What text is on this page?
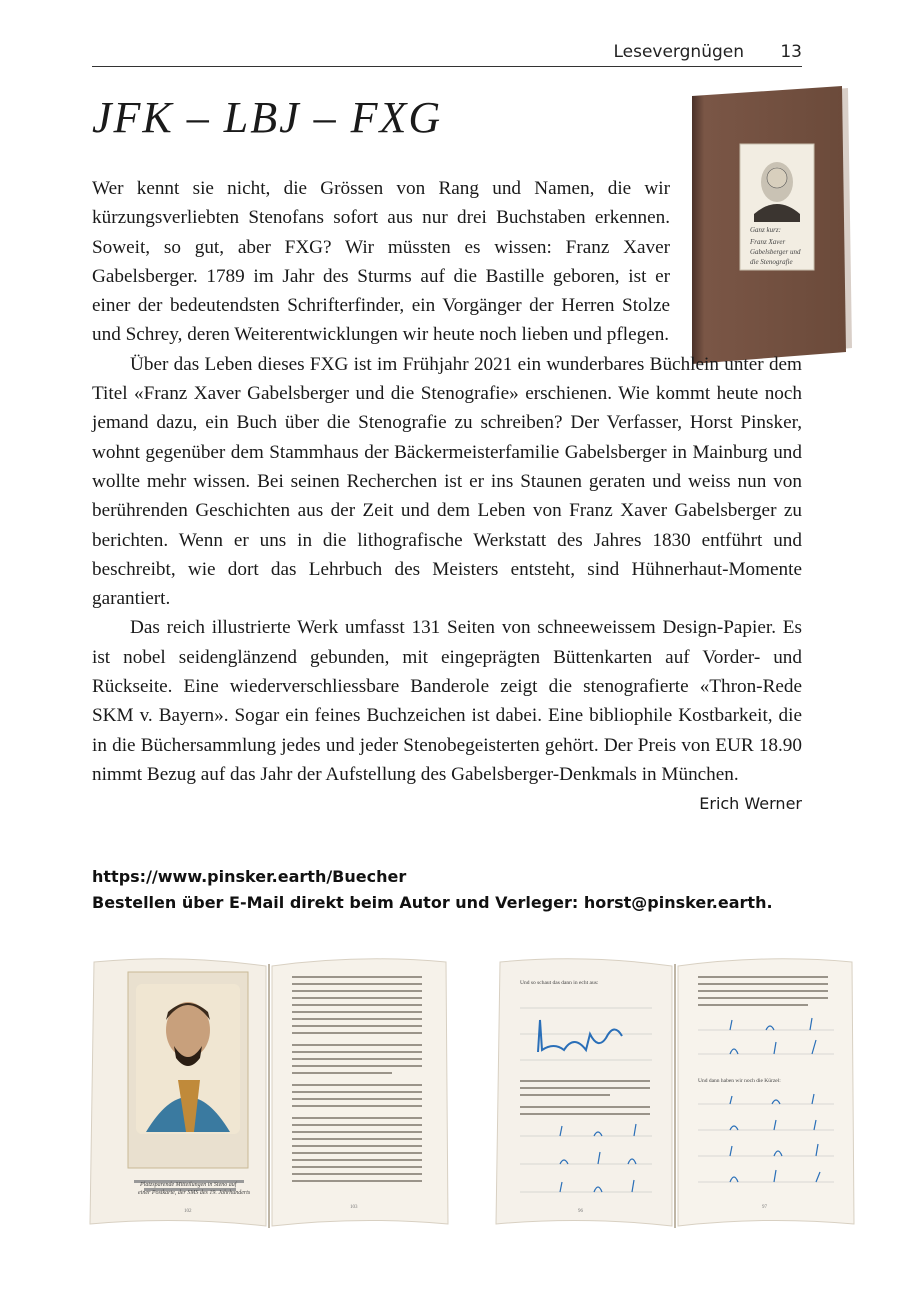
Lesevergnügen 13
JFK – LBJ – FXG
Ganz kurz:
Franz Xaver
Gabelsberger und
die Stenografie

Wer kennt sie nicht, die Grössen von Rang und Namen, die wir kürzungsverliebten Stenofans sofort aus nur drei Buchstaben erkennen. Soweit, so gut, aber FXG? Wir müssten es wissen: Franz Xaver Gabelsberger. 1789 im Jahr des Sturms auf die Bastille geboren, ist er einer der bedeutendsten Schrifterfinder, ein Vorgänger der Herren Stolze und Schrey, deren Weiterentwicklungen wir heute noch lieben und pflegen.

Über das Leben dieses FXG ist im Frühjahr 2021 ein wunderbares Büchlein unter dem Titel «Franz Xaver Gabelsberger und die Stenografie» erschienen. Wie kommt heute noch jemand dazu, ein Buch über die Stenografie zu schreiben? Der Verfasser, Horst Pinsker, wohnt gegenüber dem Stammhaus der Bäckermeisterfamilie Gabelsberger in Mainburg und wollte mehr wissen. Bei seinen Recherchen ist er ins Staunen geraten und weiss nun von berührenden Geschichten aus der Zeit und dem Leben von Franz Xaver Gabelsberger zu berichten. Wenn er uns in die lithografische Werkstatt des Jahres 1830 entführt und beschreibt, wie dort das Lehrbuch des Meisters entsteht, sind Hühnerhaut-Momente garantiert.

Das reich illustrierte Werk umfasst 131 Seiten von schneeweissem Design-Papier. Es ist nobel seidenglänzend gebunden, mit eingeprägten Büttenkarten auf Vorder- und Rückseite. Eine wiederverschliessbare Banderole zeigt die stenografierte «Thron-Rede SKM v. Bayern». Sogar ein feines Buchzeichen ist dabei. Eine bibliophile Kostbarkeit, die in die Büchersammlung jedes und jeder Stenobegeisterten gehört. Der Preis von EUR 18.90 nimmt Bezug auf das Jahr der Aufstellung des Gabelsberger-Denkmals in München.
Erich Werner

https://www.pinsker.earth/Buecher
Bestellen über E-Mail direkt beim Autor und Verleger: horst@pinsker.earth.
Platzsparende Mitteilungen in Steno auf
einer Postkarte, der SMS des 19. Jahrhunderts
102
103
Und so schaut das dann in echt aus:
Und dann haben wir noch die Kürzel:
96
97
